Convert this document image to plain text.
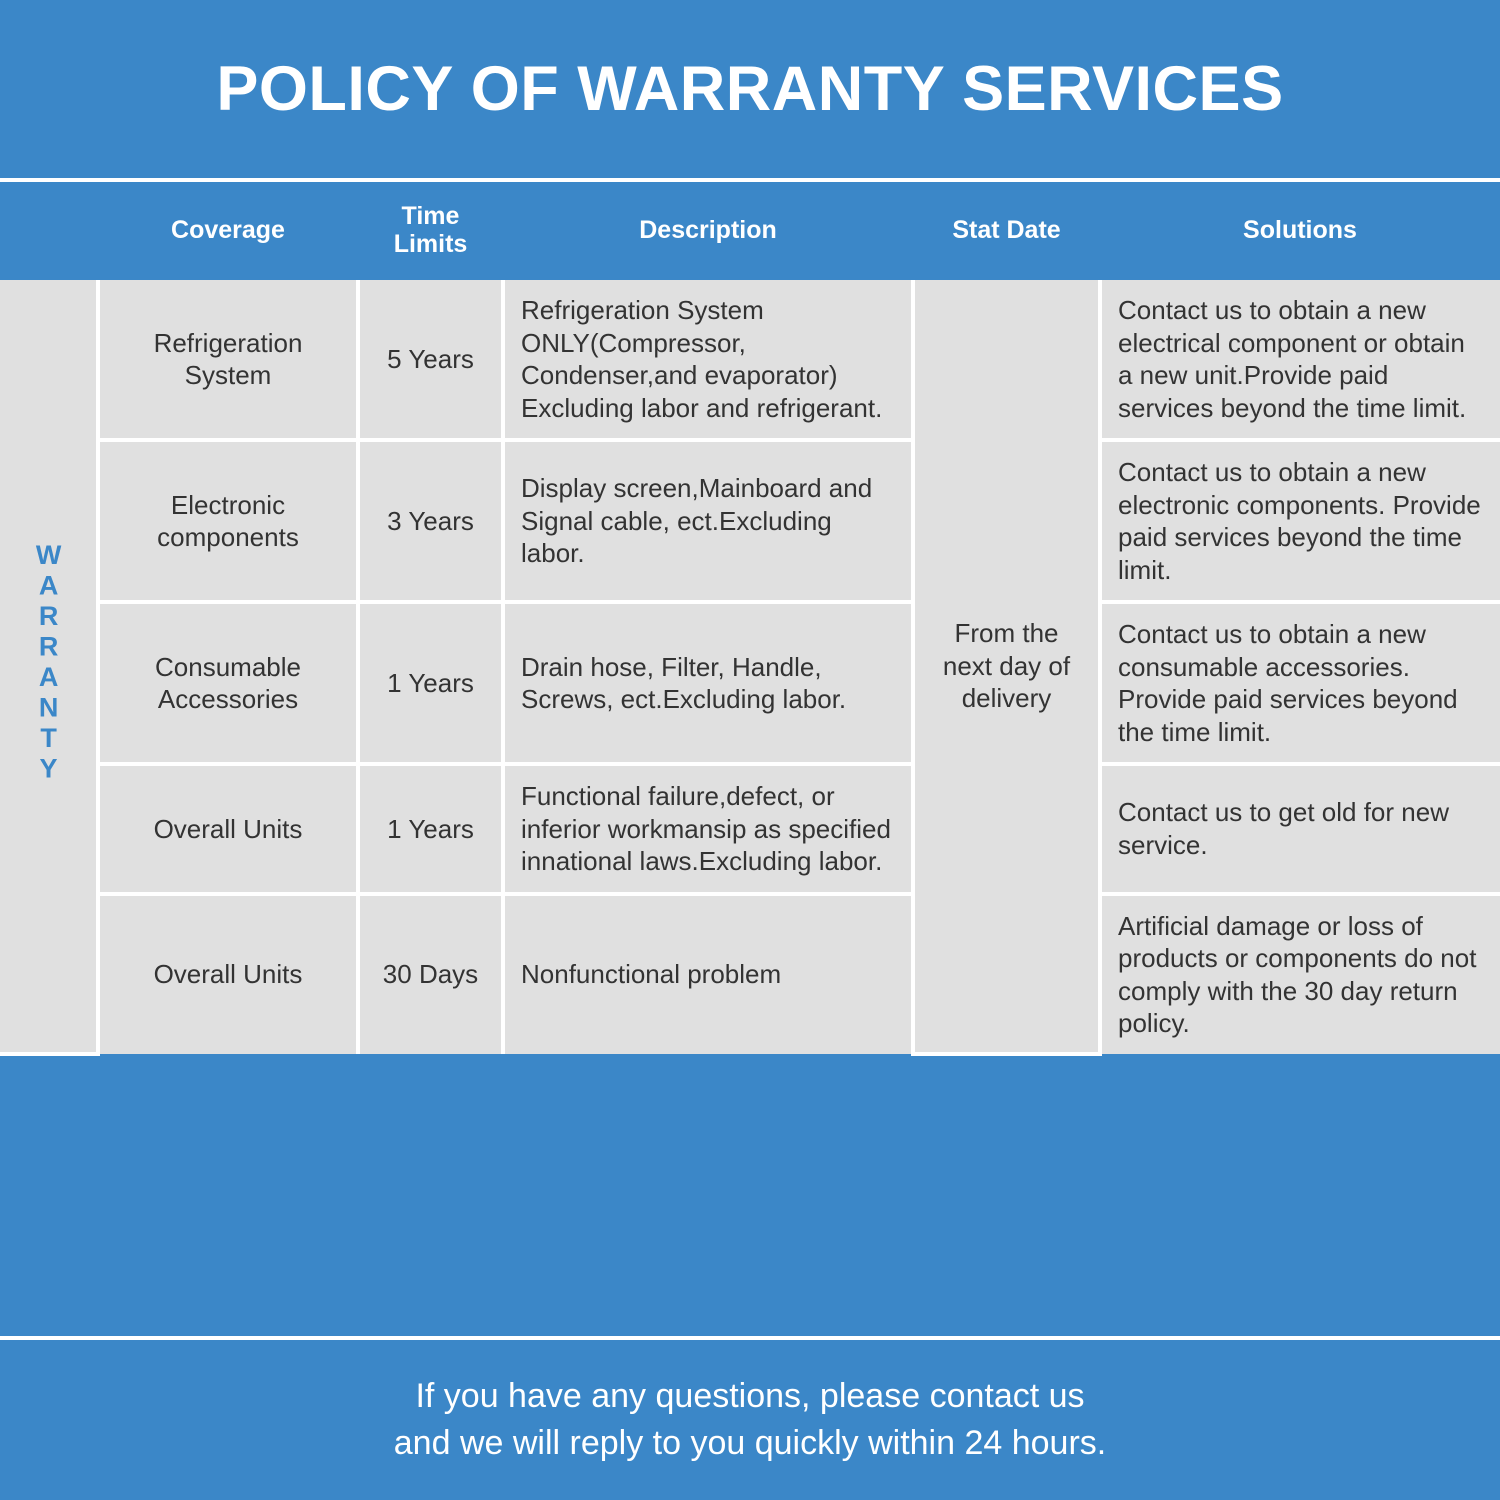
POLICY OF WARRANTY SERVICES
	Coverage	Time Limits	Description	Stat Date	Solutions
WARRANTY	Refrigeration System	5 Years	Refrigeration System ONLY(Compressor, Condenser,and evaporator) Excluding labor and refrigerant.	From the next day of delivery	Contact us to obtain a new electrical component or obtain a new unit.Provide paid services beyond the time limit.
	Electronic components	3 Years	Display screen,Mainboard and Signal cable, ect.Excluding labor.		Contact us to obtain a new electronic components. Provide paid services beyond the time limit.
	Consumable Accessories	1 Years	Drain hose, Filter, Handle, Screws, ect.Excluding labor.		Contact us to obtain a new consumable accessories. Provide paid services beyond the time limit.
	Overall Units	1 Years	Functional failure,defect, or inferior workmansip as specified innational laws.Excluding labor.		Contact us to get old for new service.
	Overall Units	30 Days	Nonfunctional problem		Artificial damage or loss of products or components do not comply with the 30 day return policy.

If you have any questions, please contact us
and we will reply to you quickly within 24 hours.
